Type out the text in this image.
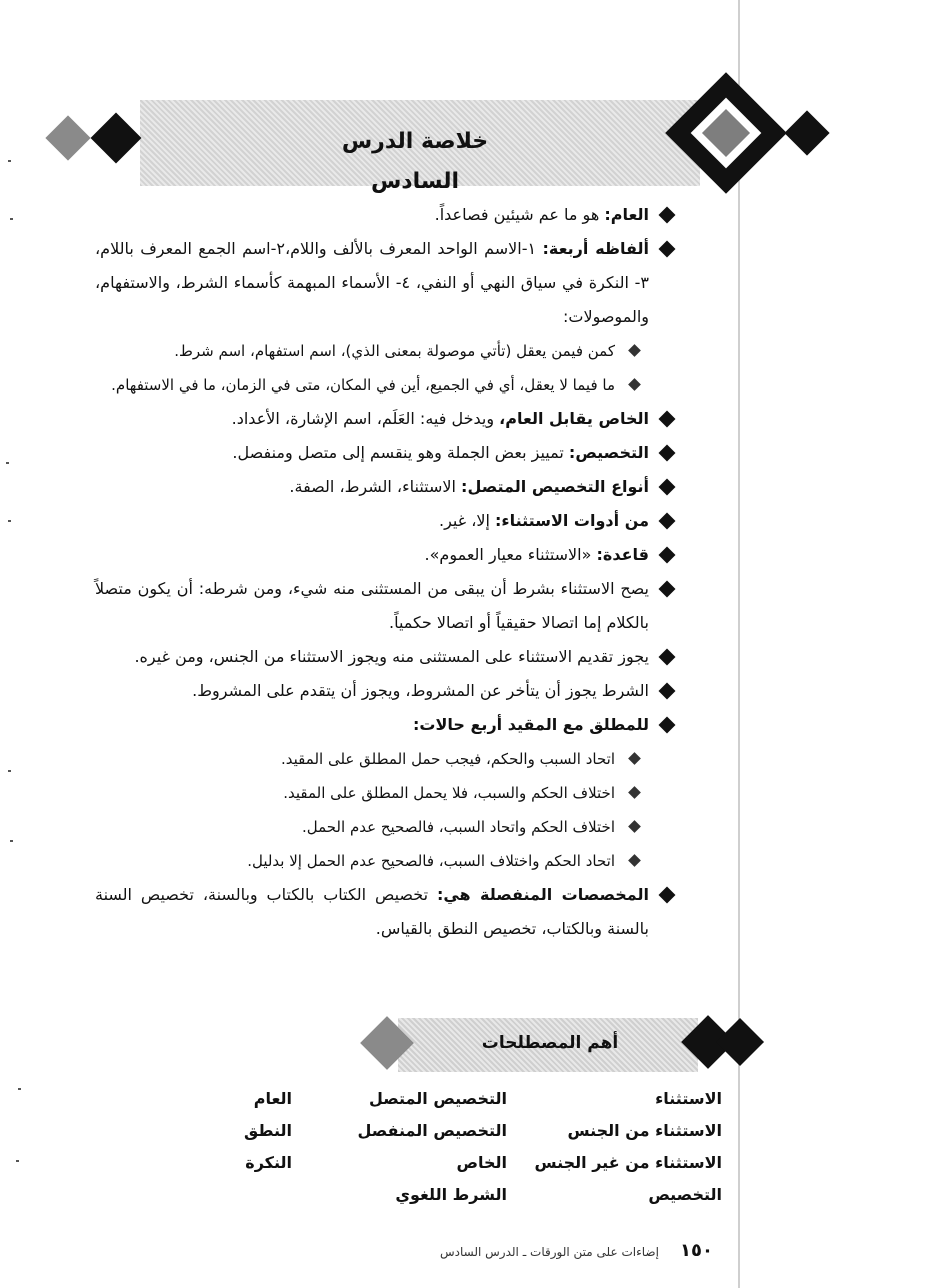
خلاصة الدرس السادس
العام: هو ما عم شيئين فصاعداً.
ألفاظه أربعة: ١-الاسم الواحد المعرف بالألف واللام،٢-اسم الجمع المعرف باللام، ٣- النكرة في سياق النهي أو النفي، ٤- الأسماء المبهمة كأسماء الشرط، والاستفهام، والموصولات:
كمن فيمن يعقل (تأتي موصولة بمعنى الذي)، اسم استفهام، اسم شرط.
ما فيما لا يعقل، أي في الجميع، أين في المكان، متى في الزمان، ما في الاستفهام.
الخاص يقابل العام، ويدخل فيه: العَلَم، اسم الإشارة، الأعداد.
التخصيص: تمييز بعض الجملة وهو ينقسم إلى متصل ومنفصل.
أنواع التخصيص المتصل: الاستثناء، الشرط، الصفة.
من أدوات الاستثناء: إلا، غير.
قاعدة: «الاستثناء معيار العموم».
يصح الاستثناء بشرط أن يبقى من المستثنى منه شيء، ومن شرطه: أن يكون متصلاً بالكلام إما اتصالا حقيقياً أو اتصالا حكمياً.
يجوز تقديم الاستثناء على المستثنى منه ويجوز الاستثناء من الجنس، ومن غيره.
الشرط يجوز أن يتأخر عن المشروط، ويجوز أن يتقدم على المشروط.
للمطلق مع المقيد أربع حالات:
اتحاد السبب والحكم، فيجب حمل المطلق على المقيد.
اختلاف الحكم والسبب، فلا يحمل المطلق على المقيد.
اختلاف الحكم واتحاد السبب، فالصحيح عدم الحمل.
اتحاد الحكم واختلاف السبب، فالصحيح عدم الحمل إلا بدليل.
المخصصات المنفصلة هي: تخصيص الكتاب بالكتاب وبالسنة، تخصيص السنة بالسنة وبالكتاب، تخصيص النطق بالقياس.
أهم المصطلحات
الاستثناء
الاستثناء من الجنس
الاستثناء من غير الجنس
التخصيص
التخصيص المتصل
التخصيص المنفصل
الخاص
الشرط اللغوي
العام
النطق
النكرة
١٥٠
إضاءات على متن الورقات ـ الدرس السادس
